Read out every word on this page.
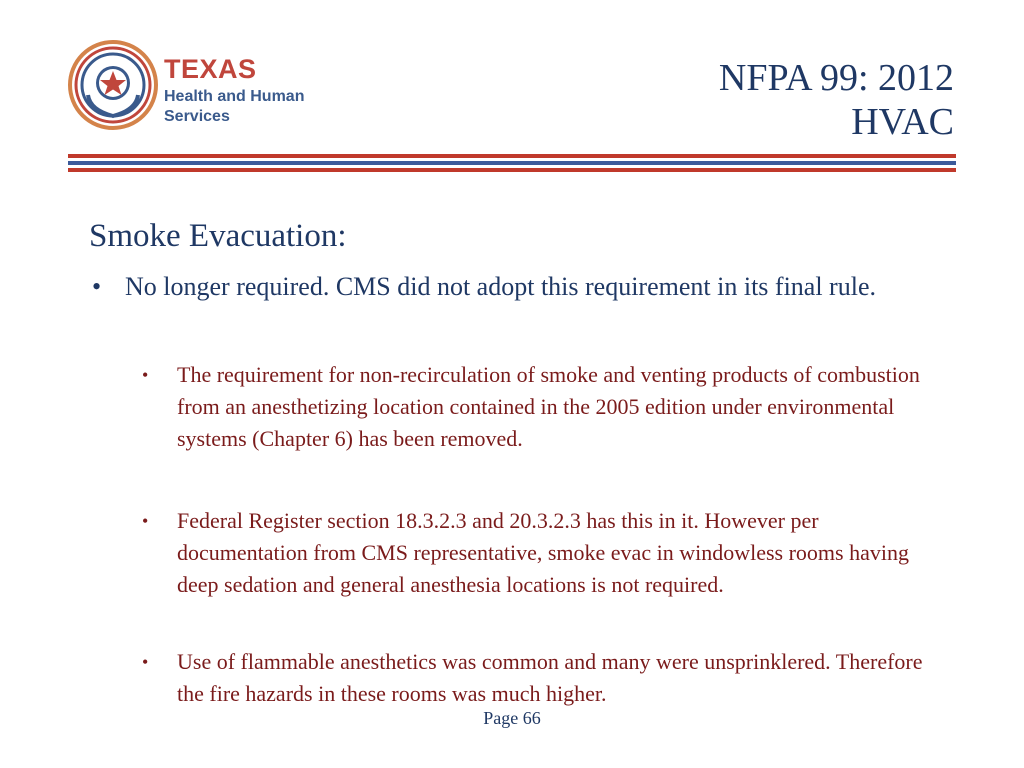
TEXAS
Health and Human
Services
NFPA 99: 2012
HVAC
Smoke Evacuation:
• No longer required. CMS did not adopt this requirement in its final rule.
• The requirement for non-recirculation of smoke and venting products of combustion from an anesthetizing location contained in the 2005 edition under environmental systems (Chapter 6) has been removed.
• Federal Register section 18.3.2.3 and 20.3.2.3 has this in it. However per documentation from CMS representative, smoke evac in windowless rooms having deep sedation and general anesthesia locations is not required.
• Use of flammable anesthetics was common and many were unsprinklered. Therefore the fire hazards in these rooms was much higher.
Page 66
